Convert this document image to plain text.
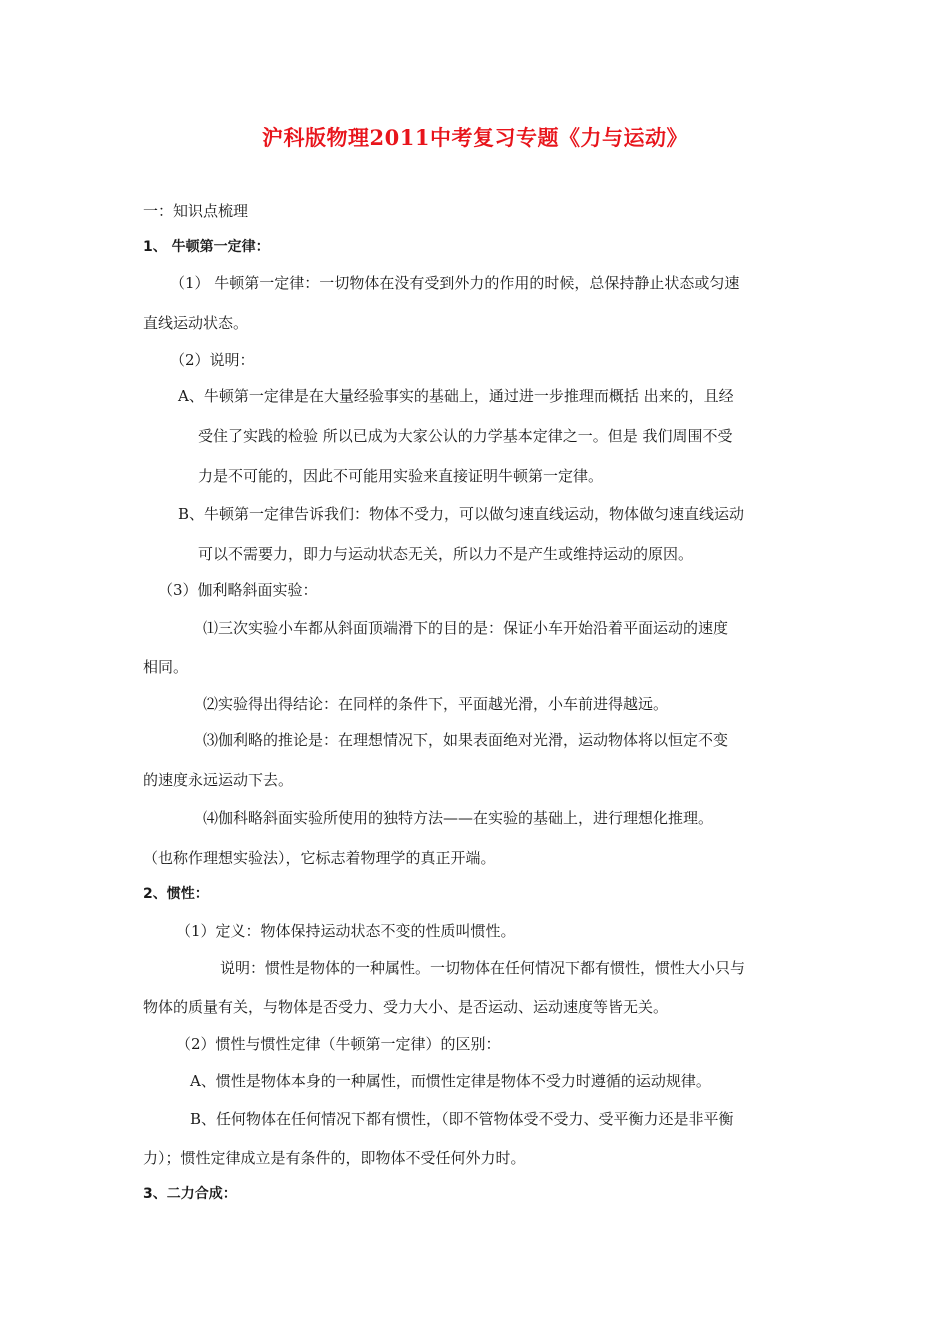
沪科版物理2011中考复习专题《力与运动》
一：知识点梳理
1、 牛顿第一定律：
（1） 牛顿第一定律：一切物体在没有受到外力的作用的时候，总保持静止状态或匀速
直线运动状态。
（2）说明：
A、牛顿第一定律是在大量经验事实的基础上，通过进一步推理而概括 出来的，且经
受住了实践的检验 所以已成为大家公认的力学基本定律之一。但是 我们周围不受
力是不可能的，因此不可能用实验来直接证明牛顿第一定律。
B、牛顿第一定律告诉我们：物体不受力，可以做匀速直线运动，物体做匀速直线运动
可以不需要力，即力与运动状态无关，所以力不是产生或维持运动的原因。
（3）伽利略斜面实验：
⑴三次实验小车都从斜面顶端滑下的目的是：保证小车开始沿着平面运动的速度
相同。
⑵实验得出得结论：在同样的条件下，平面越光滑，小车前进得越远。
⑶伽利略的推论是：在理想情况下，如果表面绝对光滑，运动物体将以恒定不变
的速度永远运动下去。
⑷伽科略斜面实验所使用的独特方法——在实验的基础上，进行理想化推理。
（也称作理想实验法），它标志着物理学的真正开端。
2、惯性：
（1）定义：物体保持运动状态不变的性质叫惯性。
说明：惯性是物体的一种属性。一切物体在任何情况下都有惯性，惯性大小只与
物体的质量有关，与物体是否受力、受力大小、是否运动、运动速度等皆无关。
（2）惯性与惯性定律（牛顿第一定律）的区别：
A、惯性是物体本身的一种属性，而惯性定律是物体不受力时遵循的运动规律。
B、任何物体在任何情况下都有惯性，（即不管物体受不受力、受平衡力还是非平衡
力）；惯性定律成立是有条件的，即物体不受任何外力时。
3、二力合成：
